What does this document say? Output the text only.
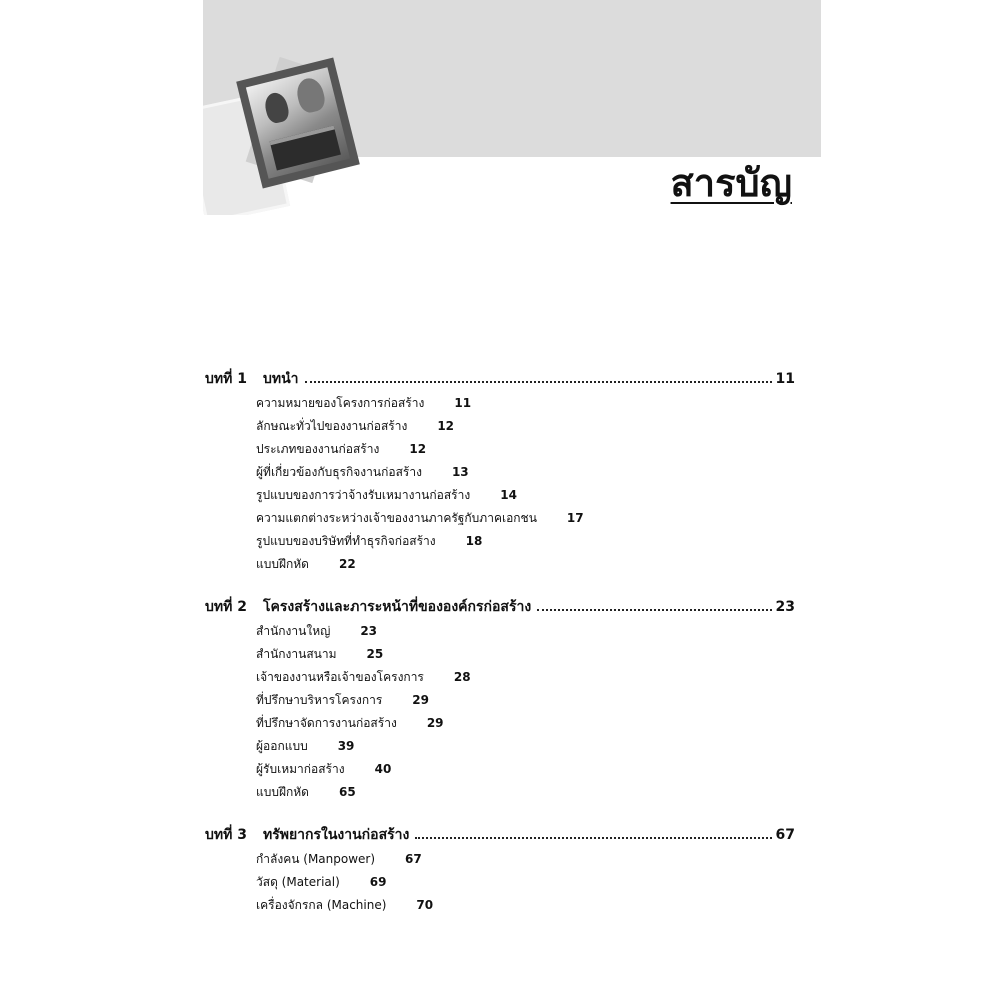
สารบัญ
บทที่ 1 บทนำ	11
ความหมายของโครงการก่อสร้าง	11
ลักษณะทั่วไปของงานก่อสร้าง	12
ประเภทของงานก่อสร้าง	12
ผู้ที่เกี่ยวข้องกับธุรกิจงานก่อสร้าง	13
รูปแบบของการว่าจ้างรับเหมางานก่อสร้าง	14
ความแตกต่างระหว่างเจ้าของงานภาครัฐกับภาคเอกชน	17
รูปแบบของบริษัทที่ทำธุรกิจก่อสร้าง	18
แบบฝึกหัด	22
บทที่ 2 โครงสร้างและภาระหน้าที่ขององค์กรก่อสร้าง	23
สำนักงานใหญ่	23
สำนักงานสนาม	25
เจ้าของงานหรือเจ้าของโครงการ	28
ที่ปรึกษาบริหารโครงการ	29
ที่ปรึกษาจัดการงานก่อสร้าง	29
ผู้ออกแบบ	39
ผู้รับเหมาก่อสร้าง	40
แบบฝึกหัด	65
บทที่ 3 ทรัพยากรในงานก่อสร้าง	67
กำลังคน (Manpower)	67
วัสดุ (Material)	69
เครื่องจักรกล (Machine)	70
